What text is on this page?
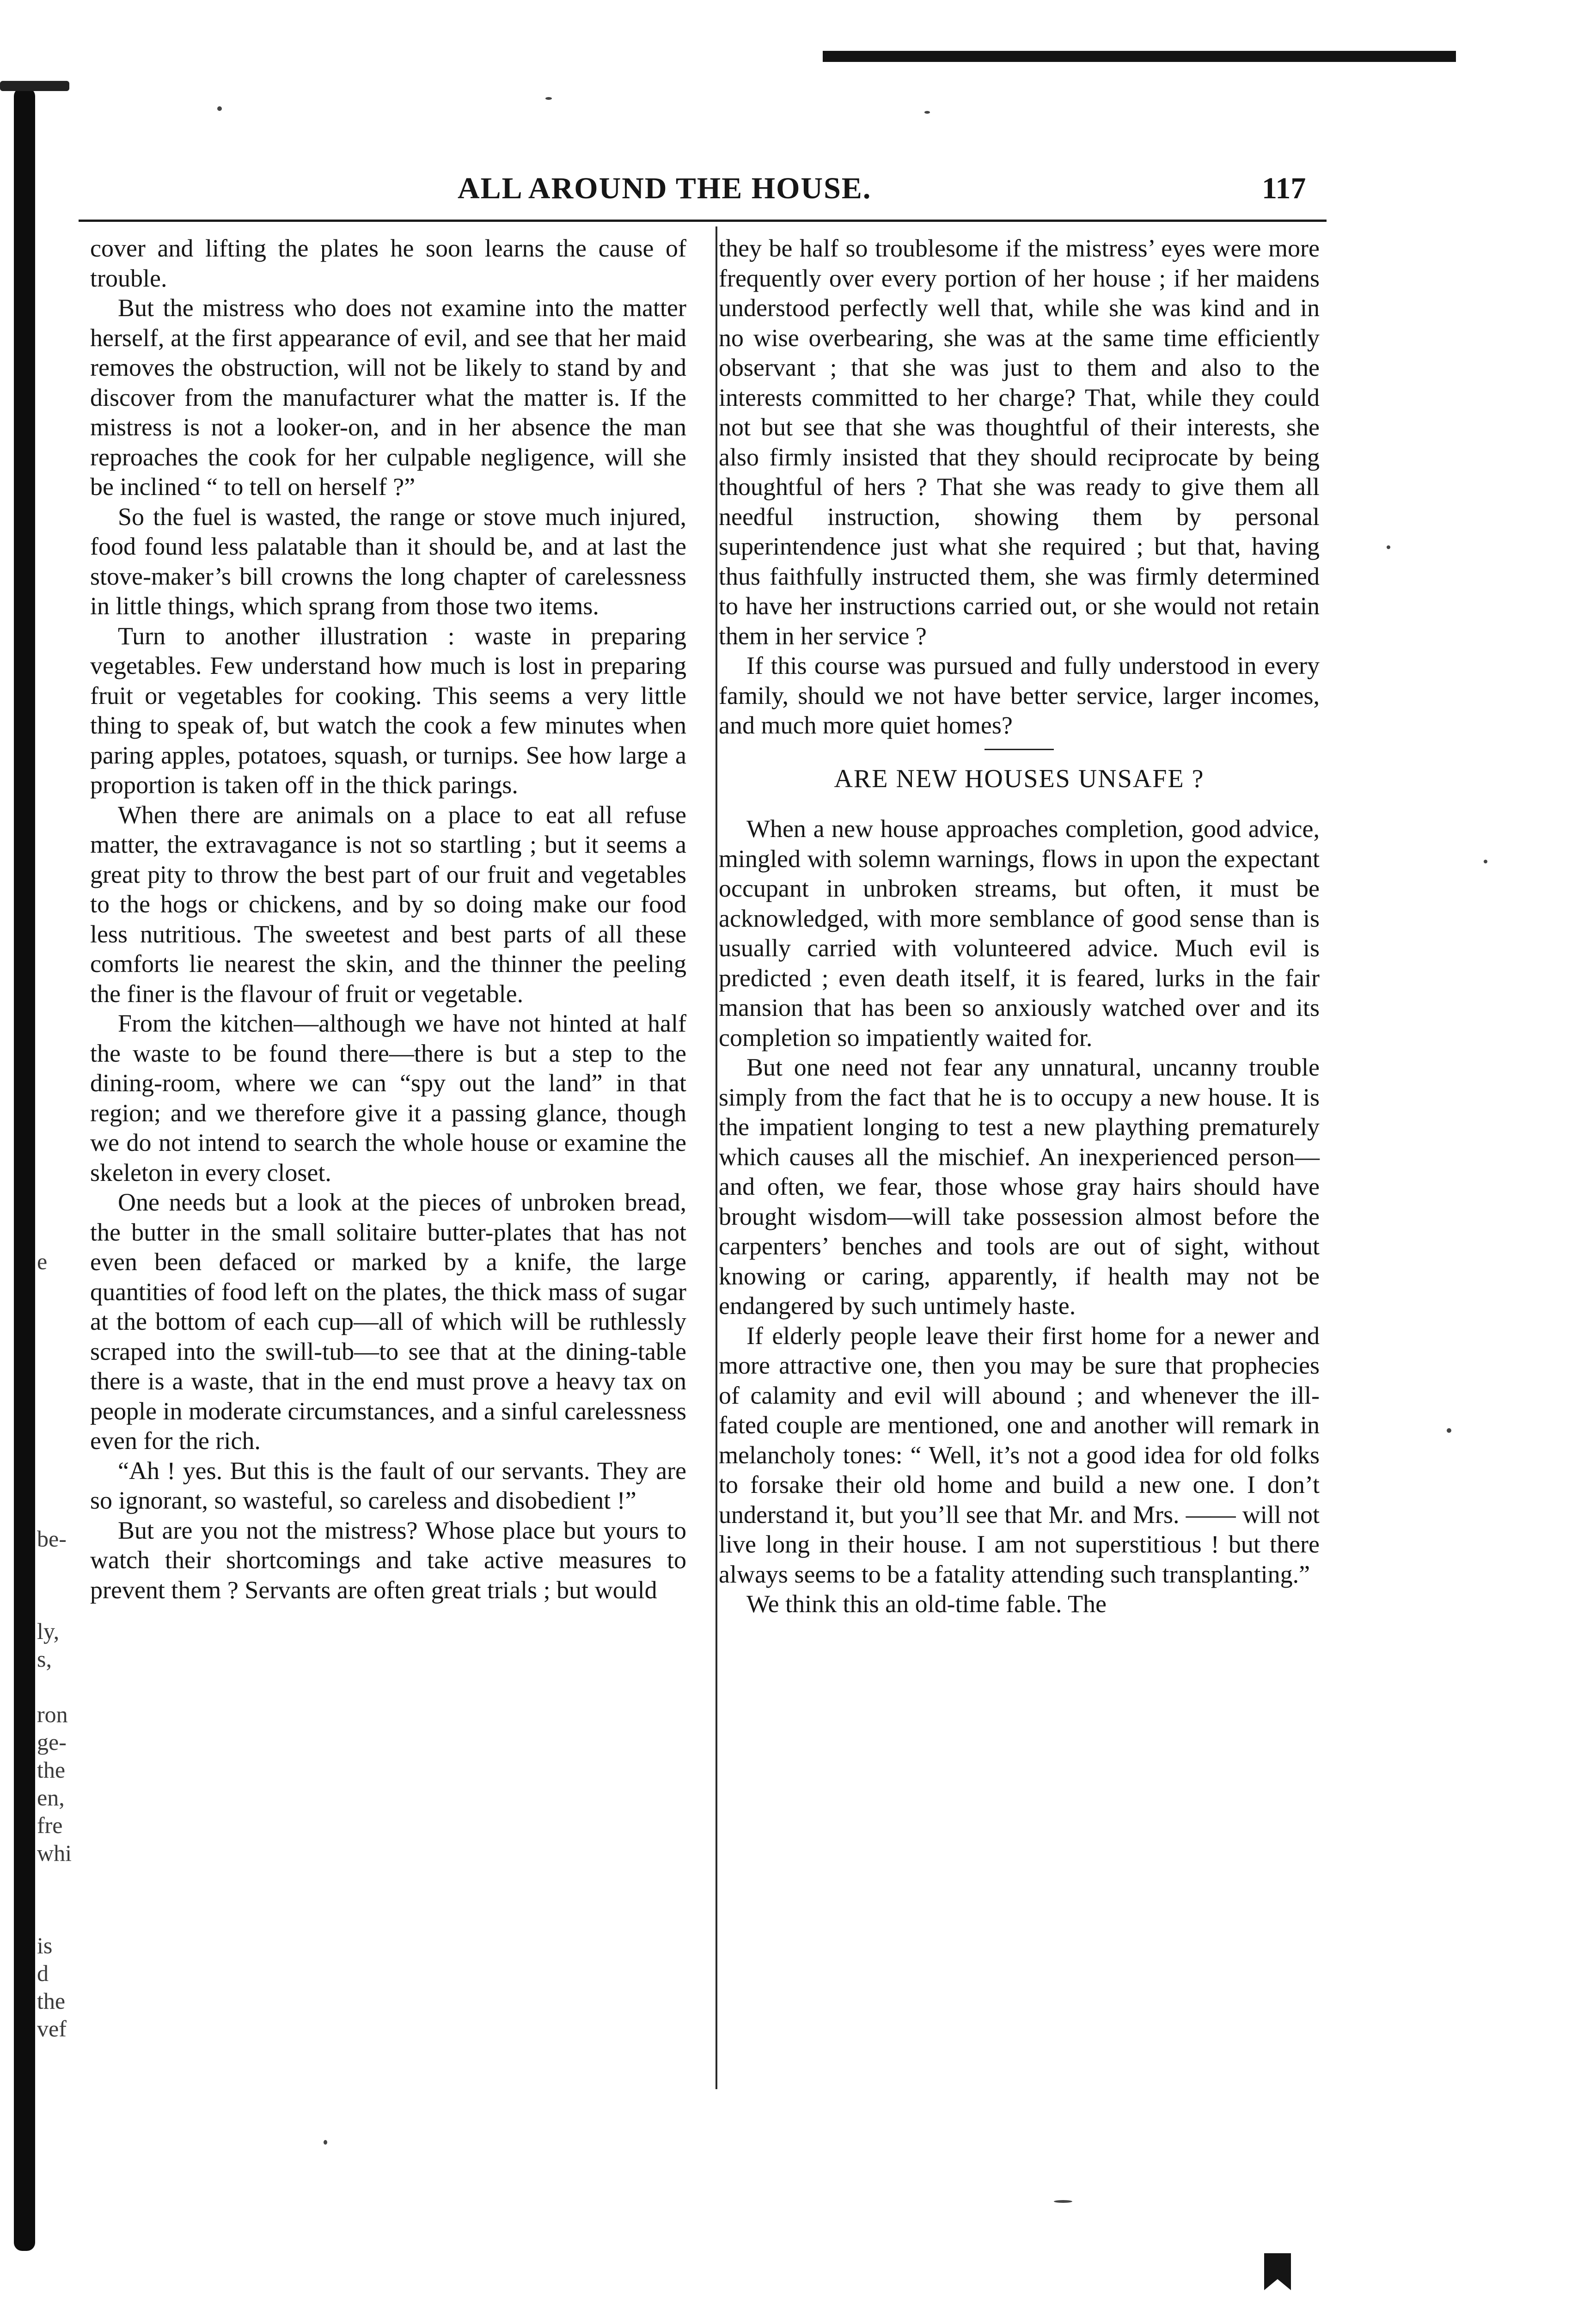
d
is
the
vef
whi
fre
en,
the
ge-
ron
s,
ly,
be-
e
ALL AROUND THE HOUSE.	117

cover and lifting the plates he soon learns the cause of trouble.

But the mistress who does not examine into the matter herself, at the first appearance of evil, and see that her maid removes the obstruction, will not be likely to stand by and discover from the manufacturer what the matter is. If the mistress is not a looker-on, and in her absence the man reproaches the cook for her culpable negligence, will she be inclined “ to tell on herself ?”

So the fuel is wasted, the range or stove much injured, food found less palatable than it should be, and at last the stove-maker’s bill crowns the long chapter of carelessness in little things, which sprang from those two items.

Turn to another illustration : waste in preparing vegetables. Few understand how much is lost in preparing fruit or vegetables for cooking. This seems a very little thing to speak of, but watch the cook a few minutes when paring apples, potatoes, squash, or turnips. See how large a proportion is taken off in the thick parings.

When there are animals on a place to eat all refuse matter, the extravagance is not so startling ; but it seems a great pity to throw the best part of our fruit and vegetables to the hogs or chickens, and by so doing make our food less nutritious. The sweetest and best parts of all these comforts lie nearest the skin, and the thinner the peeling the finer is the flavour of fruit or vegetable.

From the kitchen—although we have not hinted at half the waste to be found there—there is but a step to the dining-room, where we can “spy out the land” in that region; and we therefore give it a passing glance, though we do not intend to search the whole house or examine the skeleton in every closet.

One needs but a look at the pieces of unbroken bread, the butter in the small solitaire butter-plates that has not even been defaced or marked by a knife, the large quantities of food left on the plates, the thick mass of sugar at the bottom of each cup—all of which will be ruthlessly scraped into the swill-tub—to see that at the dining-table there is a waste, that in the end must prove a heavy tax on people in moderate circumstances, and a sinful carelessness even for the rich.

“Ah ! yes. But this is the fault of our servants. They are so ignorant, so wasteful, so careless and disobedient !”

But are you not the mistress? Whose place but yours to watch their shortcomings and take active measures to prevent them ? Servants are often great trials ; but would

they be half so troublesome if the mistress’ eyes were more frequently over every portion of her house ; if her maidens understood perfectly well that, while she was kind and in no wise overbearing, she was at the same time efficiently observant ; that she was just to them and also to the interests committed to her charge? That, while they could not but see that she was thoughtful of their interests, she also firmly insisted that they should reciprocate by being thoughtful of hers ? That she was ready to give them all needful instruction, showing them by personal superintendence just what she required ; but that, having thus faithfully instructed them, she was firmly determined to have her instructions carried out, or she would not retain them in her service ?

If this course was pursued and fully understood in every family, should we not have better service, larger incomes, and much more quiet homes?

ARE NEW HOUSES UNSAFE ?

When a new house approaches completion, good advice, mingled with solemn warnings, flows in upon the expectant occupant in unbroken streams, but often, it must be acknowledged, with more semblance of good sense than is usually carried with volunteered advice. Much evil is predicted ; even death itself, it is feared, lurks in the fair mansion that has been so anxiously watched over and its completion so impatiently waited for.

But one need not fear any unnatural, uncanny trouble simply from the fact that he is to occupy a new house. It is the impatient longing to test a new plaything prematurely which causes all the mischief. An inexperienced person—and often, we fear, those whose gray hairs should have brought wisdom—will take possession almost before the carpenters’ benches and tools are out of sight, without knowing or caring, apparently, if health may not be endangered by such untimely haste.

If elderly people leave their first home for a newer and more attractive one, then you may be sure that prophecies of calamity and evil will abound ; and whenever the ill-fated couple are mentioned, one and another will remark in melancholy tones: “ Well, it’s not a good idea for old folks to forsake their old home and build a new one. I don’t understand it, but you’ll see that Mr. and Mrs. —— will not live long in their house. I am not superstitious ! but there always seems to be a fatality attending such transplanting.”

We think this an old-time fable. The
